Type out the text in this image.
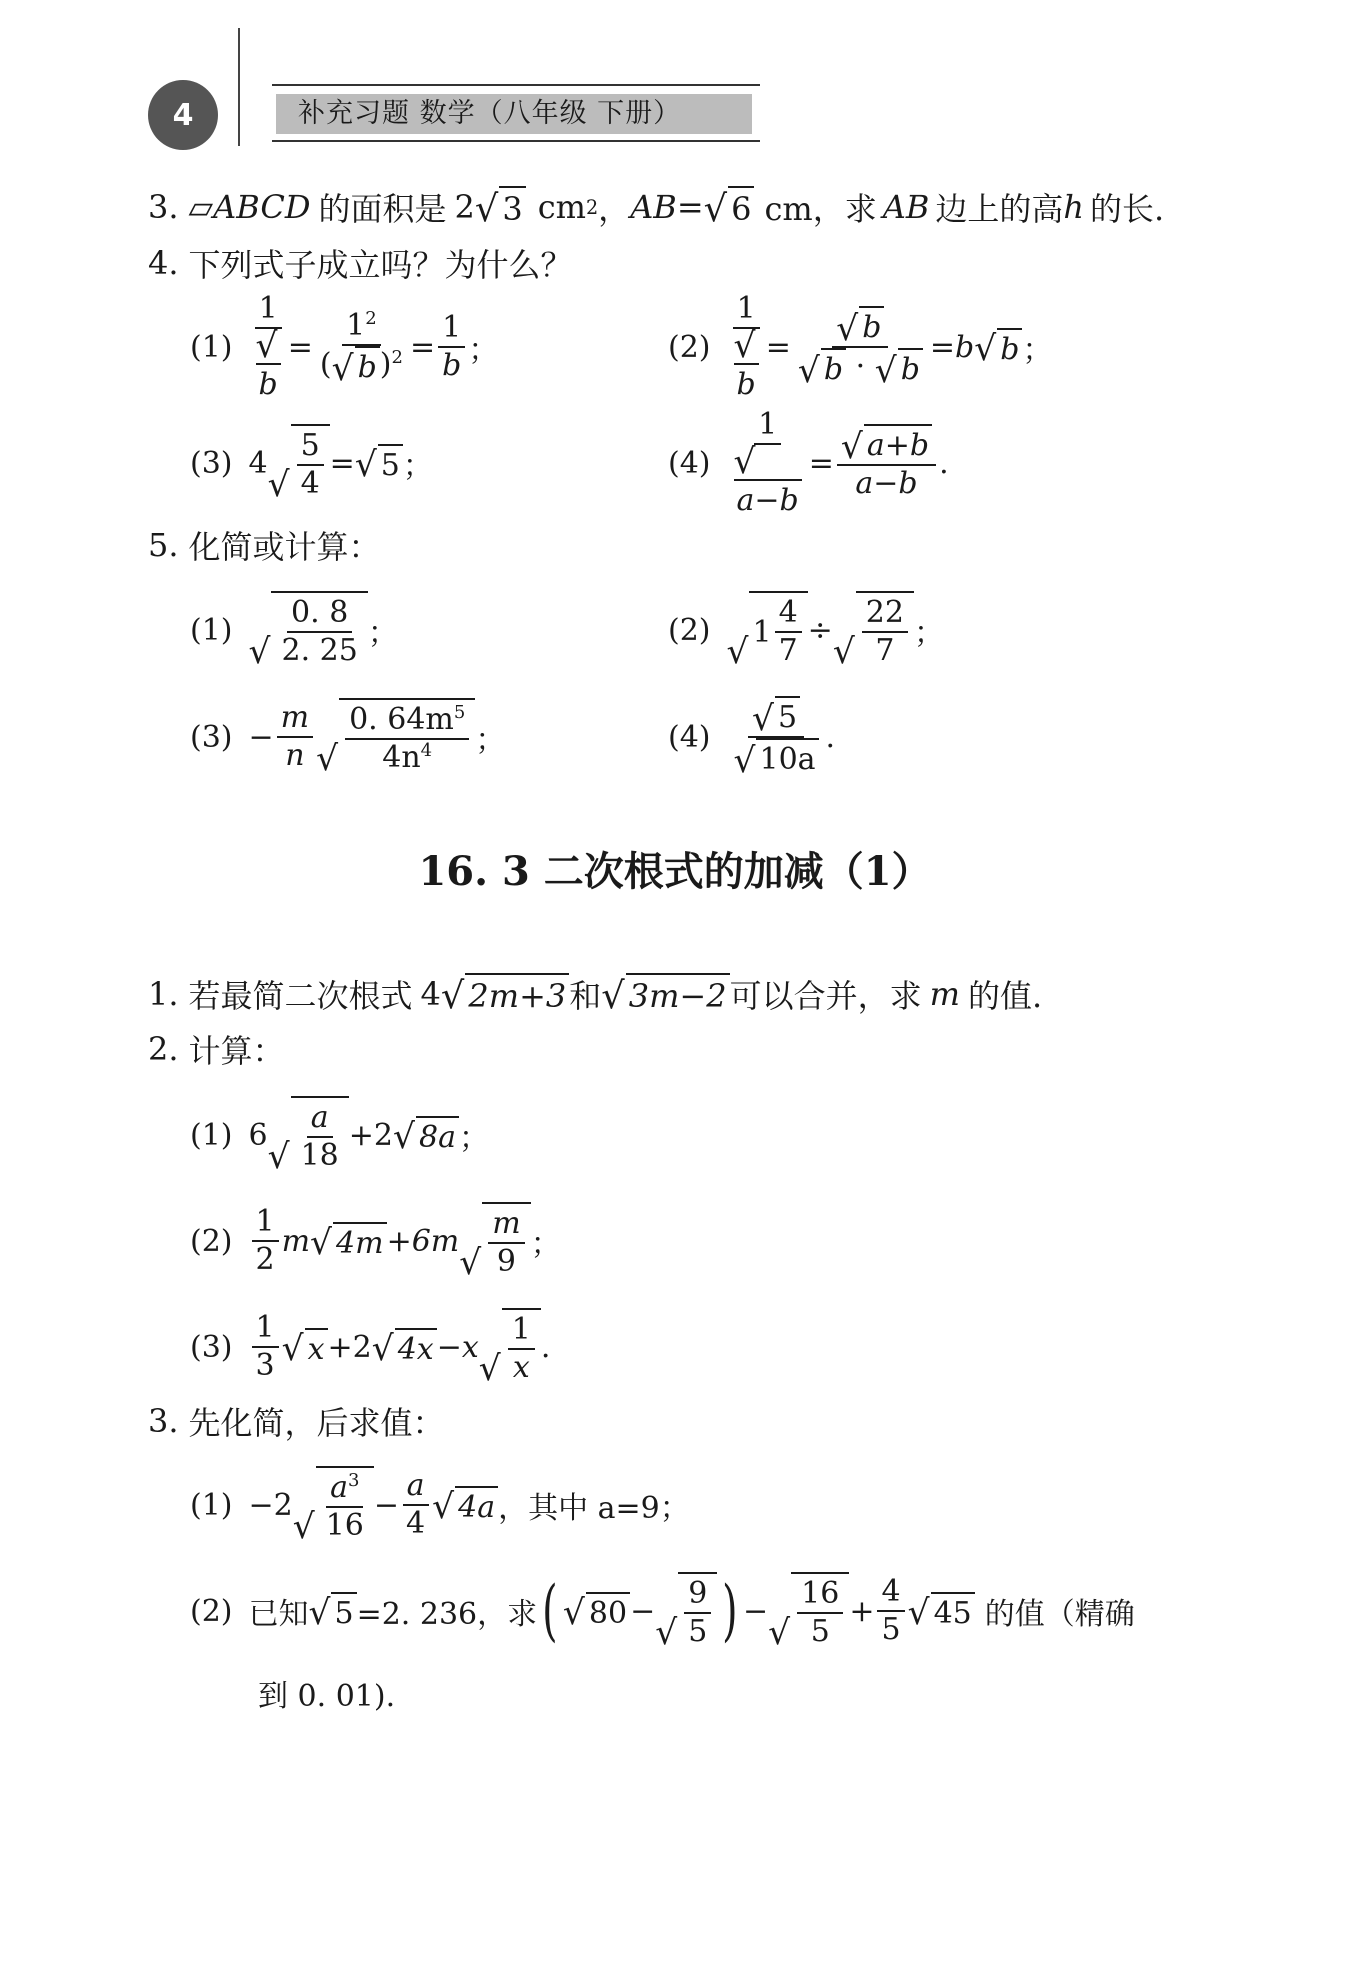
4	补充习题 数学（八年级 下册）
3. ▱ABCD 的面积是 2 √ 3 cm 2 ， AB = √ 6 cm，求 AB 边上的高 h 的长.
4. 下列式子成立吗？为什么？
(1) 1
√
$b = \frac{1^2}{( √ b )^2} = \frac{1}{b}$ ；	(2) 1
√
$b = \frac{√ b}{√ b \cdot √ b} =b$ √ b ；
(3) 4
√ $\frac{5}{4}$ = √ 5 ；	(4) 1
√
$a-b = \frac{√ a+b}{a-b}$ .
5. 化简或计算：
(1)
√ $\frac{0. 8}{2. 25}$ ；	(2)
√ $1 \frac{4}{7}$ ÷
√ $\frac{22}{7}$ ；
$(3) - \frac{m}{n}$ √ $\frac{0. 64m^5}{4n^4}$ ；	$(4) \frac{√ 5}{√ 10a}$ .
16. 3 二次根式的加减（1）
1. 若最简二次根式 4 √ 2m+3 和 √ 3m−2 可以合并，求 m 的值.
2. 计算：
(1) 6
√ $\frac{a}{18} +2$ √ 8a ；
$(2) \frac{1}{2}$ m √ 4m +6m
√ $\frac{m}{9}$ ；
$(3) \frac{1}{3}$ √ x +2 √ 4x −x
√ $\frac{1}{x}$ .
3. 先化简，后求值：
(1) −2
√ $\frac{a^3}{16} - \frac{a}{4}$ √ 4a ，其中 a=9；
(2) 已知 √ 5 =2. 236，求 ( √ 80 −
√ $\frac{9}{5}$ ) −
√ $\frac{16}{5} + \frac{4}{5}$ √ 45 的值（精确
到 0. 01).
